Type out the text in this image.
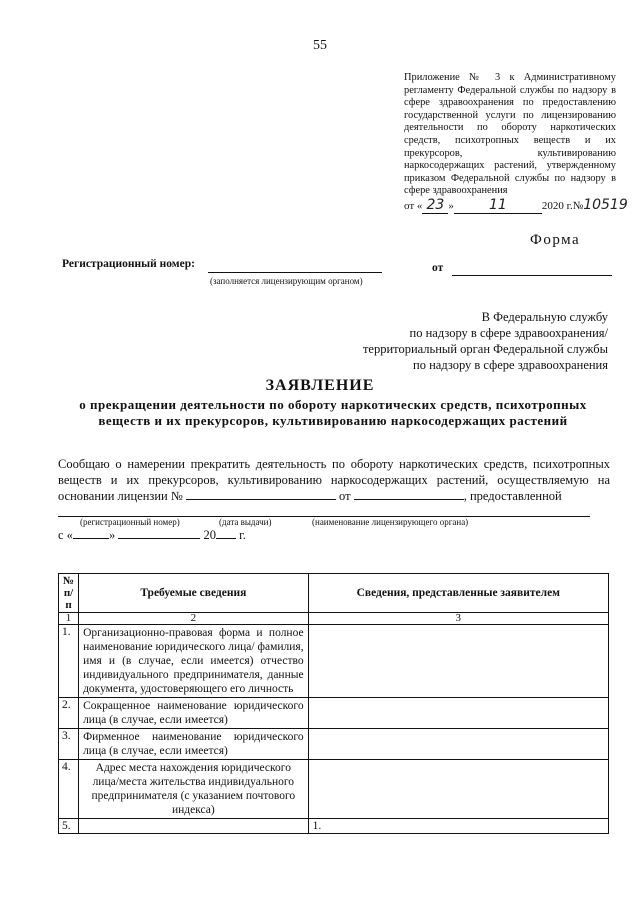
55
Приложение № 3 к Административному регламенту Федеральной службы по надзору в сфере здравоохранения по предоставлению государственной услуги по лицензированию деятельности по обороту наркотических средств, психотропных веществ и их прекурсоров, культивированию наркосодержащих растений, утвержденному приказом Федеральной службы по надзору в сфере здравоохранения
от « 23 »	11	2020 г.№10519
Форма
Регистрационный номер:
(заполняется лицензирующим органом)
от
В Федеральную службу
по надзору в сфере здравоохранения/
территориальный орган Федеральной службы
по надзору в сфере здравоохранения
ЗАЯВЛЕНИЕ
о прекращении деятельности по обороту наркотических средств, психотропных веществ и их прекурсоров, культивированию наркосодержащих растений
Сообщаю о намерении прекратить деятельность по обороту наркотических средств, психотропных веществ и их прекурсоров, культивированию наркосодержащих растений, осуществляемую на основании лицензии №	от	, предоставленной
(регистрационный номер)	(дата выдачи)	(наименование лицензирующего органа)
с «	»	20 г.
№ п/п	Требуемые сведения	Сведения, представленные заявителем
1	2	3
1.	Организационно-правовая форма и полное наименование юридического лица/ фамилия, имя и (в случае, если имеется) отчество индивидуального предпринимателя, данные документа, удостоверяющего его личность	
2.	Сокращенное наименование юридического лица (в случае, если имеется)	
3.	Фирменное наименование юридического лица (в случае, если имеется)	
4.	Адрес места нахождения юридического лица/места жительства индивидуального предпринимателя (с указанием почтового индекса)	
5.		1.
